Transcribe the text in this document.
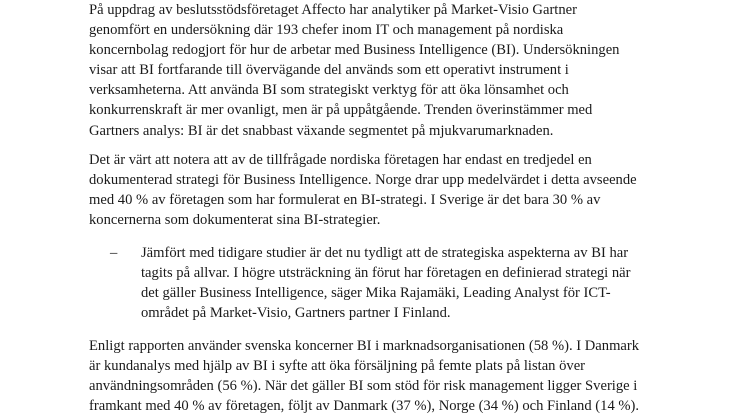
På uppdrag av beslutsstödsföretaget Affecto har analytiker på Market-Visio Gartner
genomfört en undersökning där 193 chefer inom IT och management på nordiska
koncernbolag redogjort för hur de arbetar med Business Intelligence (BI). Undersökningen
visar att BI fortfarande till övervägande del används som ett operativt instrument i
verksamheterna. Att använda BI som strategiskt verktyg för att öka lönsamhet och
konkurrenskraft är mer ovanligt, men är på uppåtgående. Trenden överinstämmer med
Gartners analys: BI är det snabbast växande segmentet på mjukvarumarknaden.

Det är värt att notera att av de tillfrågade nordiska företagen har endast en tredjedel en
dokumenterad strategi för Business Intelligence. Norge drar upp medelvärdet i detta avseende
med 40 % av företagen som har formulerat en BI-strategi. I Sverige är det bara 30 % av
koncernerna som dokumenterat sina BI-strategier.

– Jämfört med tidigare studier är det nu tydligt att de strategiska aspekterna av BI har
tagits på allvar. I högre utsträckning än förut har företagen en definierad strategi när
det gäller Business Intelligence, säger Mika Rajamäki, Leading Analyst för ICT-
området på Market-Visio, Gartners partner I Finland.

Enligt rapporten använder svenska koncerner BI i marknadsorganisationen (58 %). I Danmark
är kundanalys med hjälp av BI i syfte att öka försäljning på femte plats på listan över
användningsområden (56 %). När det gäller BI som stöd för risk management ligger Sverige i
framkant med 40 % av företagen, följt av Danmark (37 %), Norge (34 %) och Finland (14 %).
